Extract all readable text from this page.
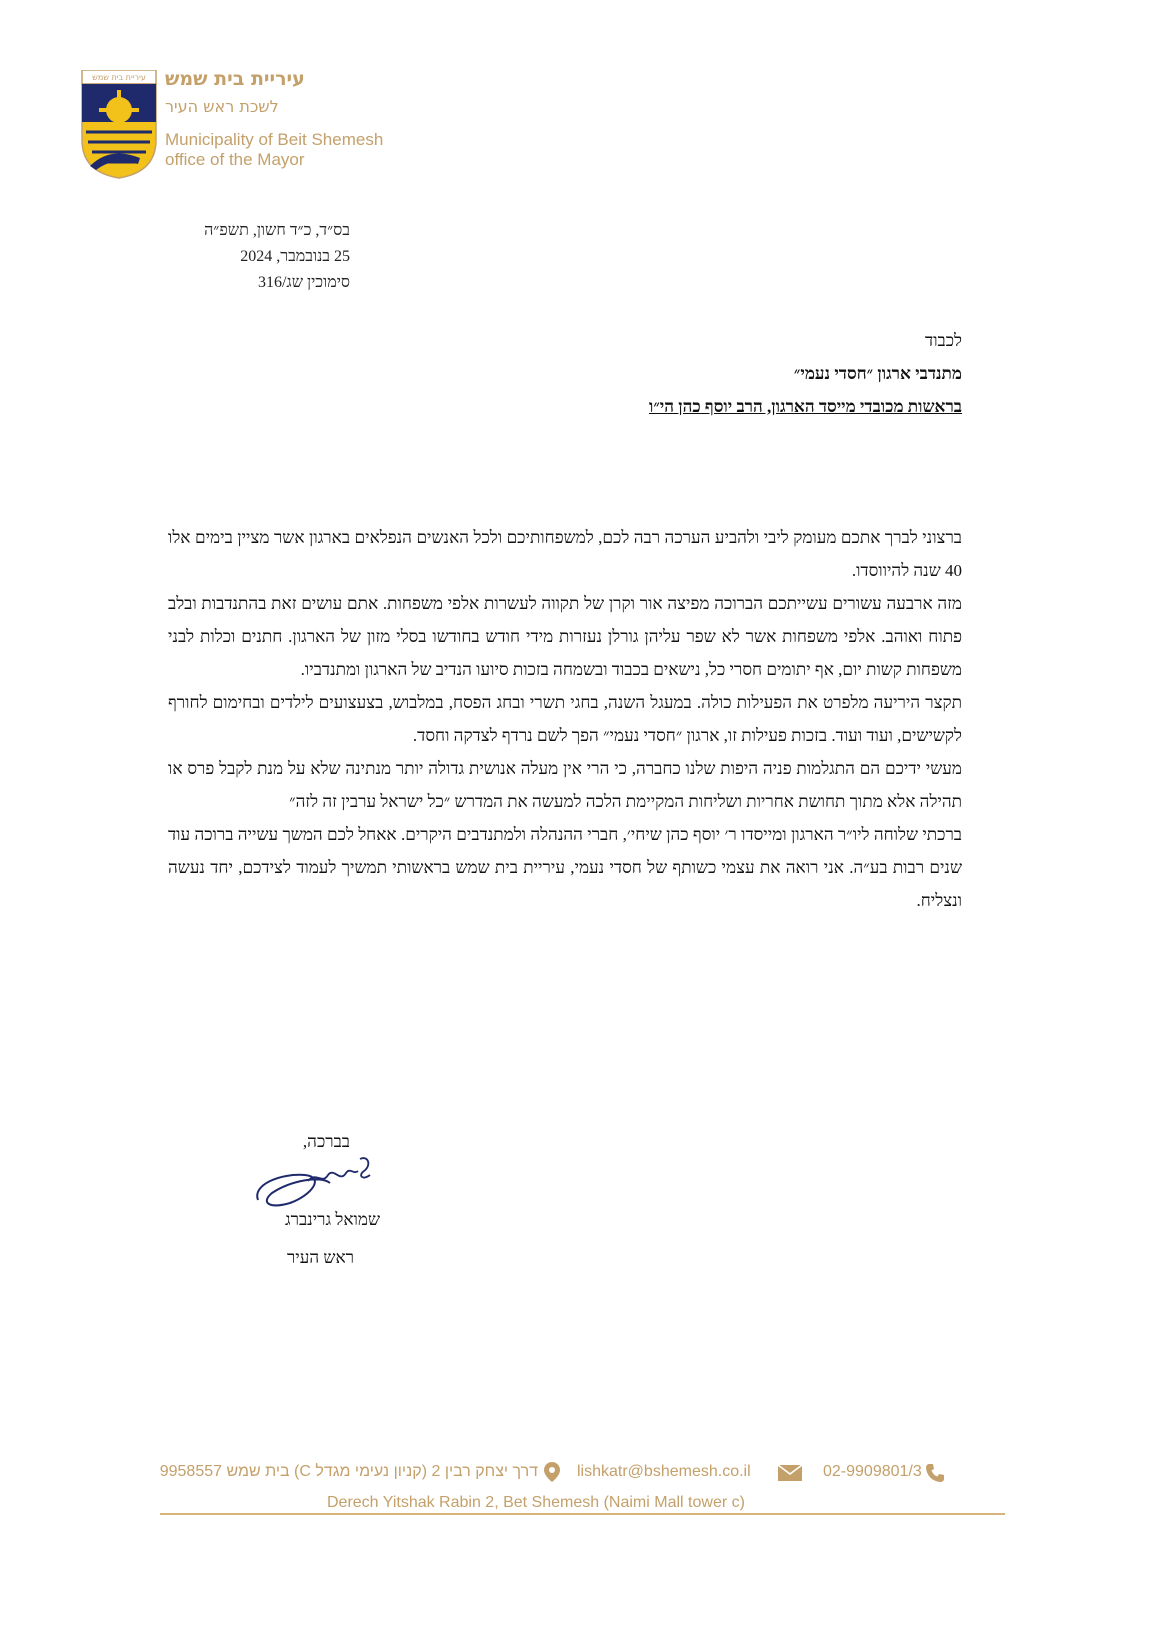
עיריית בית שמש עיריית בית שמש
לשכת ראש העיר
Municipality of Beit Shemesh
office of the Mayor
בס״ד, כ״ד חשון, תשפ״ה
25 בנובמבר, 2024
סימוכין שג/316
לכבוד
מתנדבי ארגון ״חסדי נעמי״
בראשות מכובדי מייסד הארגון, הרב יוסף כהן הי״ו

ברצוני לברך אתכם מעומק ליבי ולהביע הערכה רבה לכם, למשפחותיכם ולכל האנשים הנפלאים בארגון אשר מציין בימים אלו 40 שנה להיווסדו.

מזה ארבעה עשורים עשייתכם הברוכה מפיצה אור וקרן של תקווה לעשרות אלפי משפחות. אתם עושים זאת בהתנדבות ובלב פתוח ואוהב. אלפי משפחות אשר לא שפר עליהן גורלן נעזרות מידי חודש בחודשו בסלי מזון של הארגון. חתנים וכלות לבני משפחות קשות יום, אף יתומים חסרי כל, נישאים בכבוד ובשמחה בזכות סיועו הנדיב של הארגון ומתנדביו.

תקצר היריעה מלפרט את הפעילות כולה. במעגל השנה, בחגי תשרי ובחג הפסח, במלבוש, בצעצועים לילדים ובחימום לחורף לקשישים, ועוד ועוד. בזכות פעילות זו, ארגון ״חסדי נעמי״ הפך לשם נרדף לצדקה וחסד.

מעשי ידיכם הם התגלמות פניה היפות שלנו כחברה, כי הרי אין מעלה אנושית גדולה יותר מנתינה שלא על מנת לקבל פרס או תהילה אלא מתוך תחושת אחריות ושליחות המקיימת הלכה למעשה את המדרש ״כל ישראל ערבין זה לזה״

ברכתי שלוחה ליו״ר הארגון ומייסדו ר׳ יוסף כהן שיחי׳, חברי ההנהלה ולמתנדבים היקרים. אאחל לכם המשך עשייה ברוכה עוד שנים רבות בע״ה. אני רואה את עצמי כשותף של חסדי נעמי, עיריית בית שמש בראשותי תמשיך לעמוד לצידכם, יחד נעשה ונצליח.

בברכה,
שמואל גרינברג
ראש העיר
דרך יצחק רבין 2 (קניון נעימי מגדל C) בית שמש 9958557 lishkatr@bshemesh.co.il	02-9909801/3
Derech Yitshak Rabin 2, Bet Shemesh (Naimi Mall tower c)
